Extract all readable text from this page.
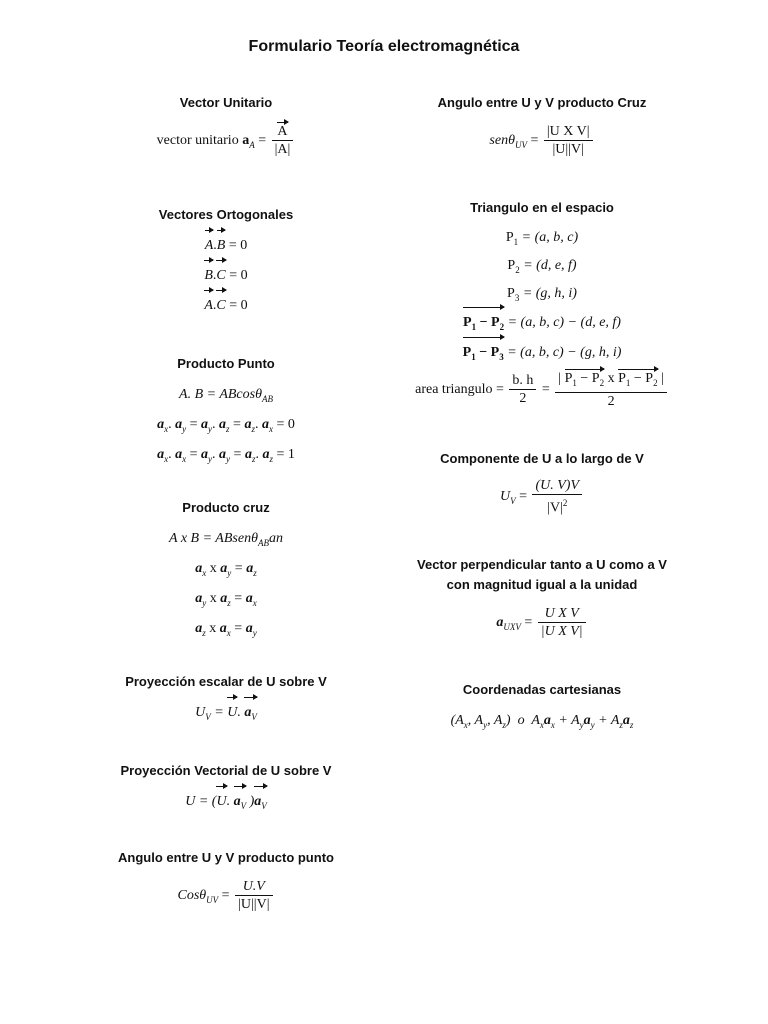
Formulario Teoría electromagnética
Vector Unitario
vector unitario $a_A = \frac{A}{|A|}$
Vectores Ortogonales
A.B = 0
B.C = 0
A.C = 0
Producto Punto
A. B = ABcosθ$_{AB}$
$a_x$. $a_y = a_y$. $a_z = a_z$. $a_x = 0$
$a_x$. $a_x = a_y$. $a_y = a_z$. $a_z = 1$
Producto cruz
A x B = ABsenθ$_{AB}$an
$a_x$ x $a_y = a_z$
$a_y$ x $a_z = a_x$
$a_z$ x $a_x = a_y$
Proyección escalar de U sobre V
$U_V = U$. $a_V$
Proyección Vectorial de U sobre V
U = (U. $a_V$ )$a_V$
Angulo entre U y V producto punto
$Cos\theta_{UV} = \frac{U.V}{|U||V|}$
Angulo entre U y V producto Cruz
$sen\theta_{UV} = \frac{\text{|U X V|}}{|U||V|}$
Triangulo en el espacio
$P_1 = (a$, b, c)
$P_2 = (d$, e, f)
$P_3 = (g$, h, i)
$P_1 - P_2 = (a$, b, c) − (d, e, f)
$P_1 - P_3 = (a$, b, c) − (g, h, i)
area triangulo = $\frac{b. h}{2} = \frac{| P_1 - P_2 x P_1 - P_2 |}{2}$
Componente de U a lo largo de V
$U_V = \frac{(U. V)V}{|V|^2}$
Vector perpendicular tanto a U como a V
con magnitud igual a la unidad
$a_{UXV} = \frac{\text{U X V}}{\text{|U X V|}}$
Coordenadas cartesianas
($A_x$, $A_y$, $A_z$)  o  $A_xa_x + A_ya_y + A_za_z$
